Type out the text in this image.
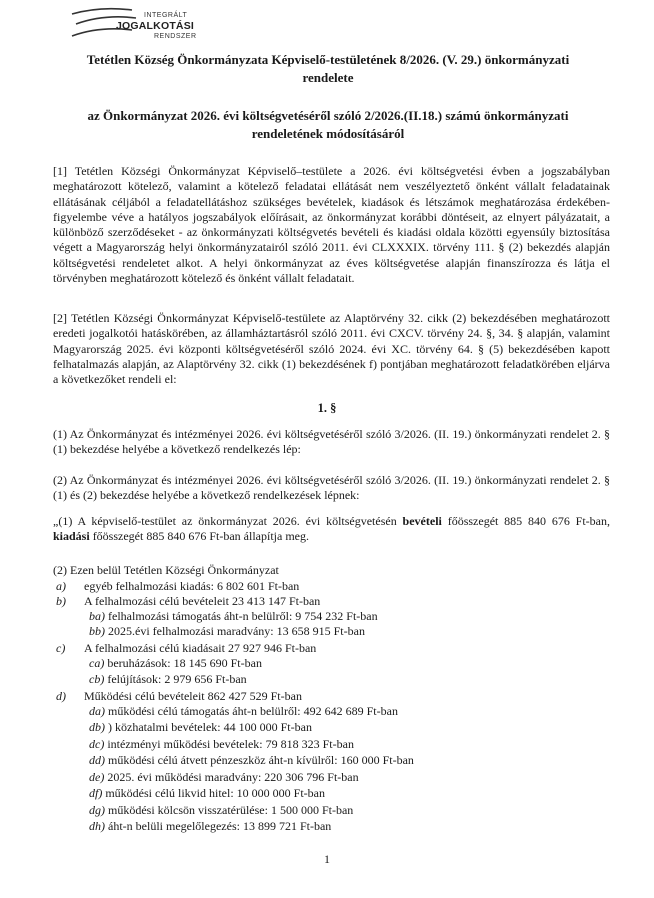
INTEGRÁLT
JOGALKOTÁSI
RENDSZER
Tetétlen Község Önkormányzata Képviselő-testületének 8/2026. (V. 29.) önkormányzati
rendelete
az Önkormányzat 2026. évi költségvetéséről szóló 2/2026.(II.18.) számú önkormányzati
rendeletének módosításáról
[1] Tetétlen Községi Önkormányzat Képviselő–testülete a 2026. évi költségvetési évben a jogszabályban meghatározott kötelező, valamint a kötelező feladatai ellátását nem veszélyeztető önként vállalt feladatainak ellátásának céljából a feladatellátáshoz szükséges bevételek, kiadások és létszámok meghatározása érdekében- figyelembe véve a hatályos jogszabályok előírásait, az önkormányzat korábbi döntéseit, az elnyert pályázatait, a különböző szerződéseket - az önkormányzati költségvetés bevételi és kiadási oldala közötti egyensúly biztosítása végett a Magyarország helyi önkormányzatairól szóló 2011. évi CLXXXIX. törvény 111. § (2) bekezdés alapján költségvetési rendeletet alkot. A helyi önkormányzat az éves költségvetése alapján finanszírozza és látja el törvényben meghatározott kötelező és önként vállalt feladatait.
[2] Tetétlen Községi Önkormányzat Képviselő-testülete az Alaptörvény 32. cikk (2) bekezdésében meghatározott eredeti jogalkotói hatáskörében, az államháztartásról szóló 2011. évi CXCV. törvény 24. §, 34. § alapján, valamint Magyarország 2025. évi központi költségvetéséről szóló 2024. évi XC. törvény 64. § (5) bekezdésében kapott felhatalmazás alapján, az Alaptörvény 32. cikk (1) bekezdésének f) pontjában meghatározott feladatkörében eljárva a következőket rendeli el:
1. §
(1) Az Önkormányzat és intézményei 2026. évi költségvetéséről szóló 3/2026. (II. 19.) önkormányzati rendelet 2. § (1) bekezdése helyébe a következő rendelkezés lép:
(2) Az Önkormányzat és intézményei 2026. évi költségvetéséről szóló 3/2026. (II. 19.) önkormányzati rendelet 2. § (1) és (2) bekezdése helyébe a következő rendelkezések lépnek:
„(1) A képviselő-testület az önkormányzat 2026. évi költségvetésén bevételi főösszegét 885 840 676 Ft-ban, kiadási főösszegét 885 840 676 Ft-ban állapítja meg.
(2) Ezen belül Tetétlen Községi Önkormányzat
a) egyéb felhalmozási kiadás: 6 802 601 Ft-ban
b) A felhalmozási célú bevételeit 23 413 147 Ft-ban
ba) felhalmozási támogatás áht-n belülről: 9 754 232 Ft-ban
bb) 2025.évi felhalmozási maradvány: 13 658 915 Ft-ban
c) A felhalmozási célú kiadásait 27 927 946 Ft-ban
ca) beruházások: 18 145 690 Ft-ban
cb) felújítások: 2 979 656 Ft-ban
d) Működési célú bevételeit 862 427 529 Ft-ban
da) működési célú támogatás áht-n belülről: 492 642 689 Ft-ban
db) ) közhatalmi bevételek: 44 100 000 Ft-ban
dc) intézményi működési bevételek: 79 818 323 Ft-ban
dd) működési célú átvett pénzeszköz áht-n kívülről: 160 000 Ft-ban
de) 2025. évi működési maradvány: 220 306 796 Ft-ban
df) működési célú likvid hitel: 10 000 000 Ft-ban
dg) működési kölcsön visszatérülése: 1 500 000 Ft-ban
dh) áht-n belüli megelőlegezés: 13 899 721 Ft-ban
1
